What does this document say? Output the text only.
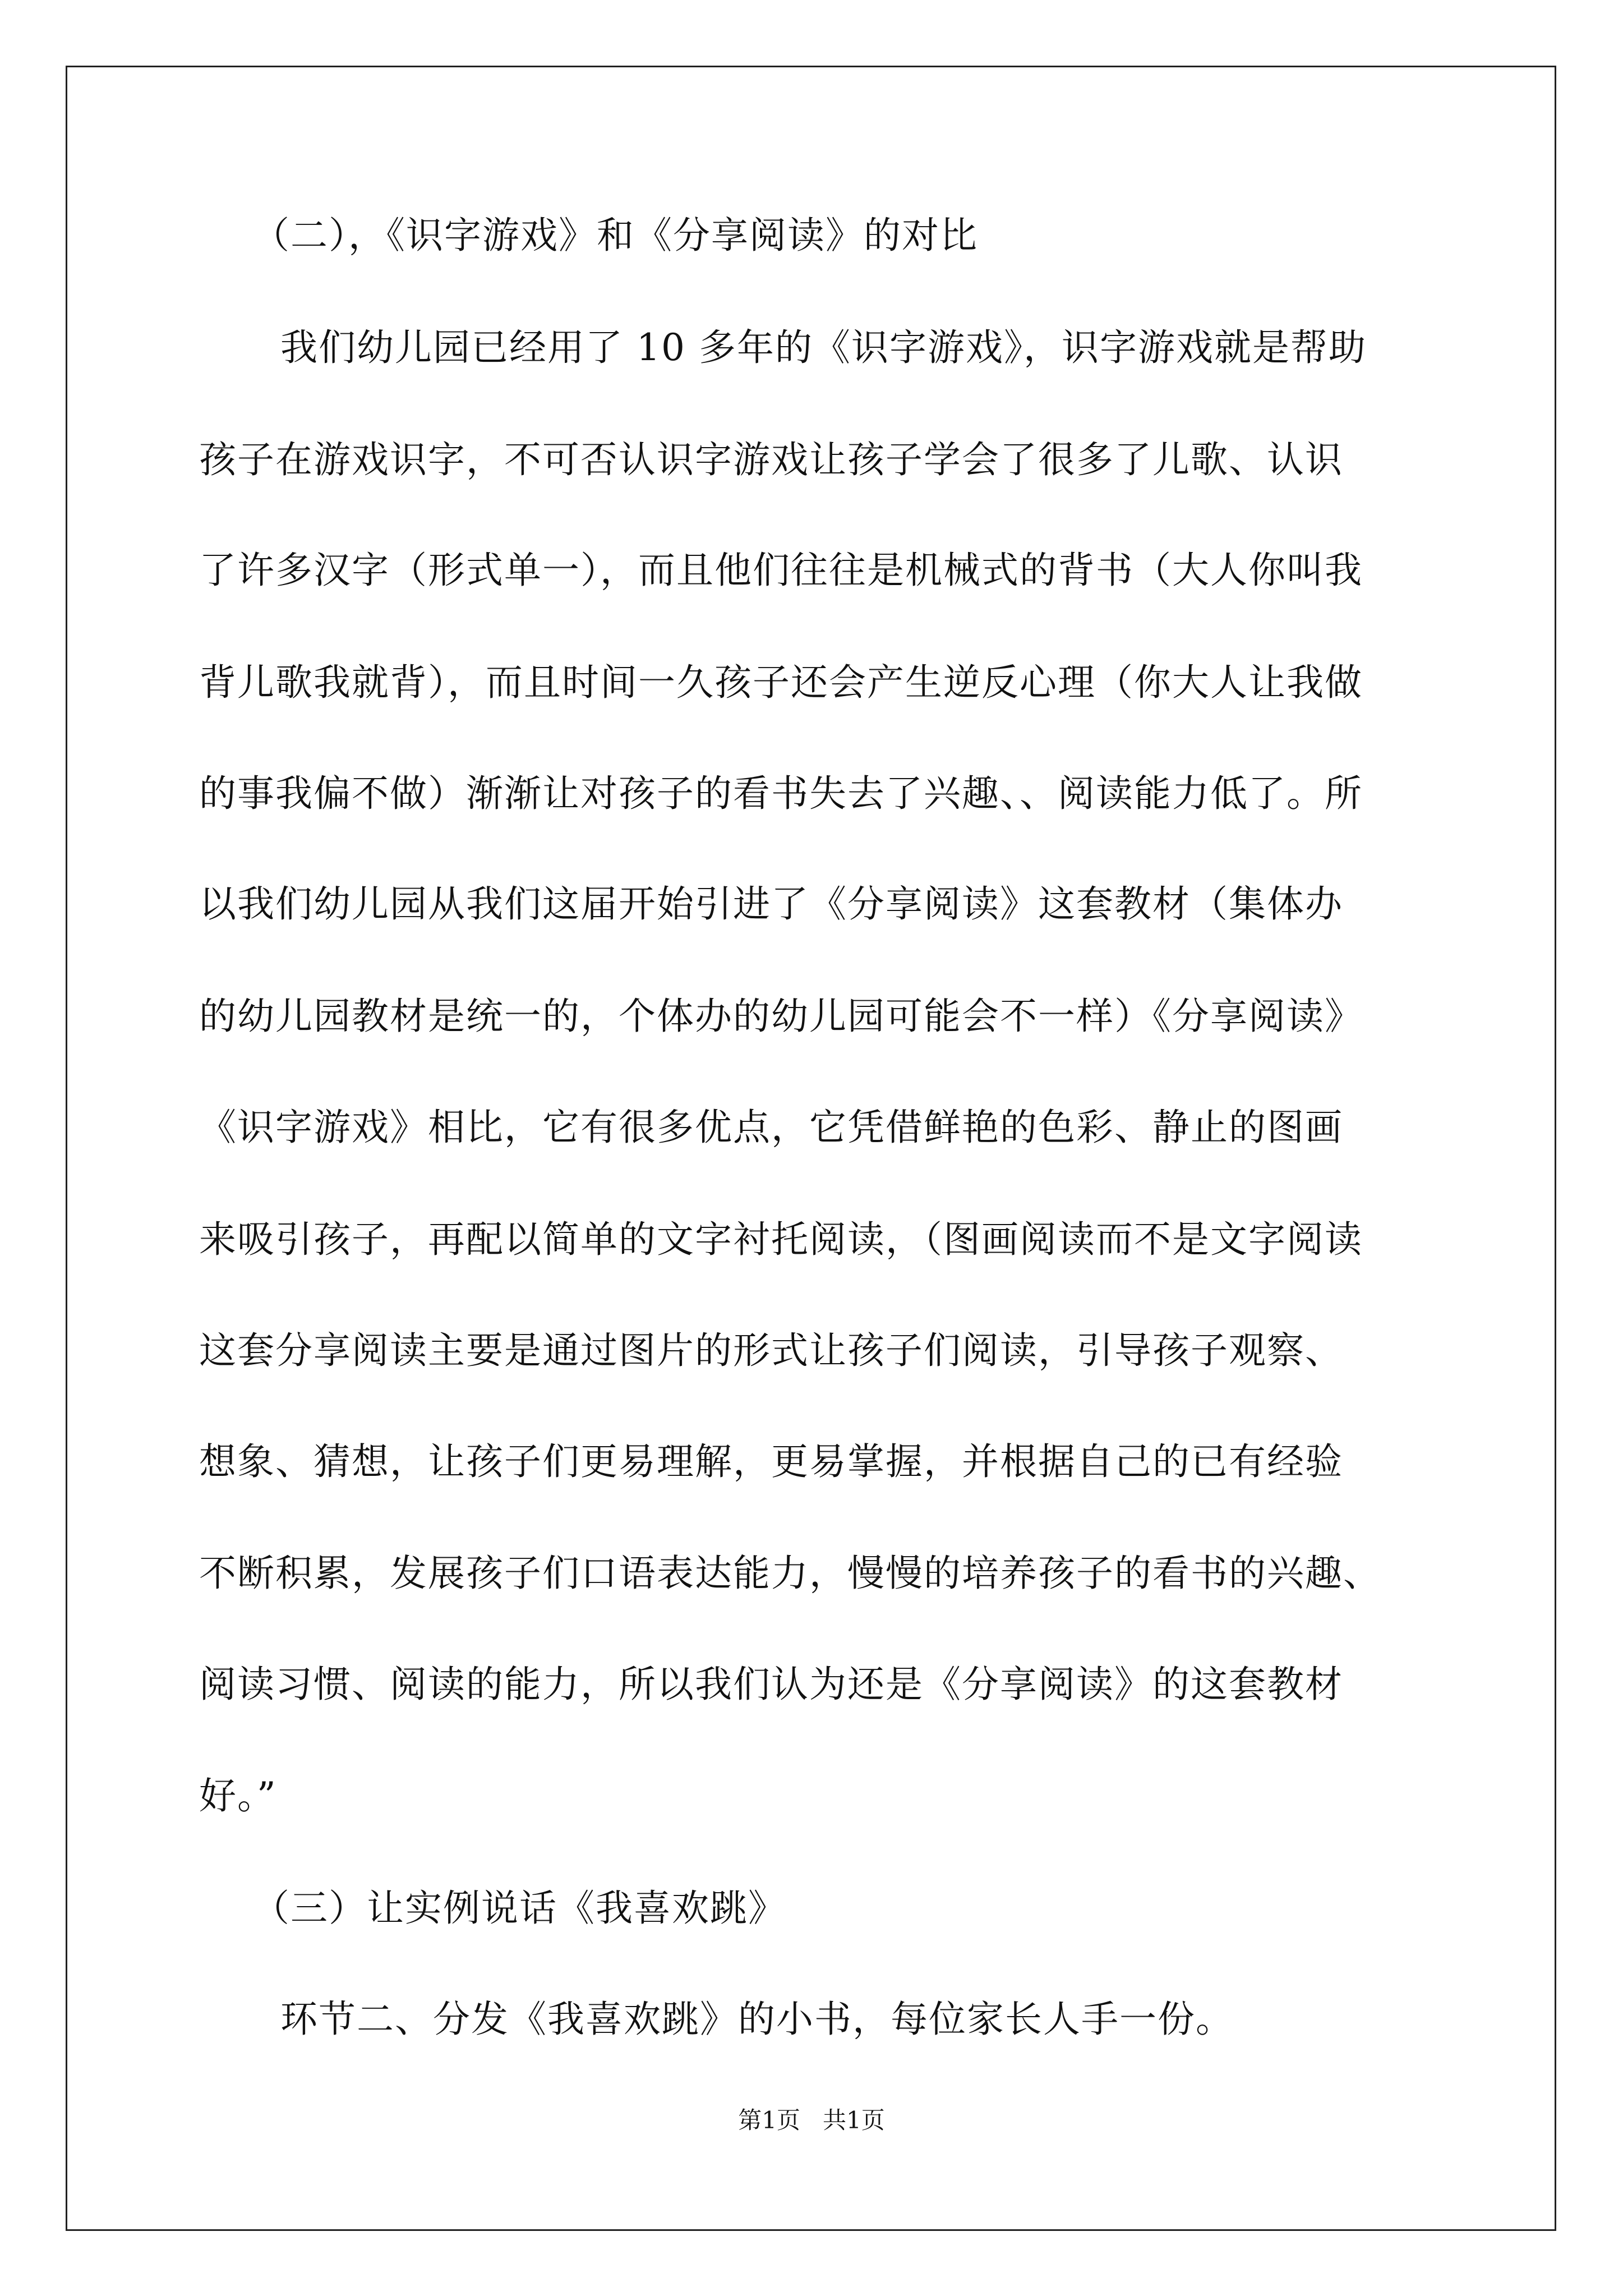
（二），《识字游戏》和《分享阅读》的对比
我们幼儿园已经用了 10 多年的《识字游戏》，识字游戏就是帮助
孩子在游戏识字，不可否认识字游戏让孩子学会了很多了儿歌、认识
了许多汉字（形式单一），而且他们往往是机械式的背书（大人你叫我
背儿歌我就背），而且时间一久孩子还会产生逆反心理（你大人让我做
的事我偏不做）渐渐让对孩子的看书失去了兴趣、、阅读能力低了。所
以我们幼儿园从我们这届开始引进了《分享阅读》这套教材（集体办
的幼儿园教材是统一的，个体办的幼儿园可能会不一样）《分享阅读》
《识字游戏》相比，它有很多优点，它凭借鲜艳的色彩、静止的图画
来吸引孩子，再配以简单的文字衬托阅读，（图画阅读而不是文字阅读
这套分享阅读主要是通过图片的形式让孩子们阅读，引导孩子观察、
想象、猜想，让孩子们更易理解，更易掌握，并根据自己的已有经验
不断积累，发展孩子们口语表达能力，慢慢的培养孩子的看书的兴趣、
阅读习惯、阅读的能力，所以我们认为还是《分享阅读》的这套教材
好。”
（三）让实例说话《我喜欢跳》
环节二、分发《我喜欢跳》的小书，每位家长人手一份。
第1页 共1页
